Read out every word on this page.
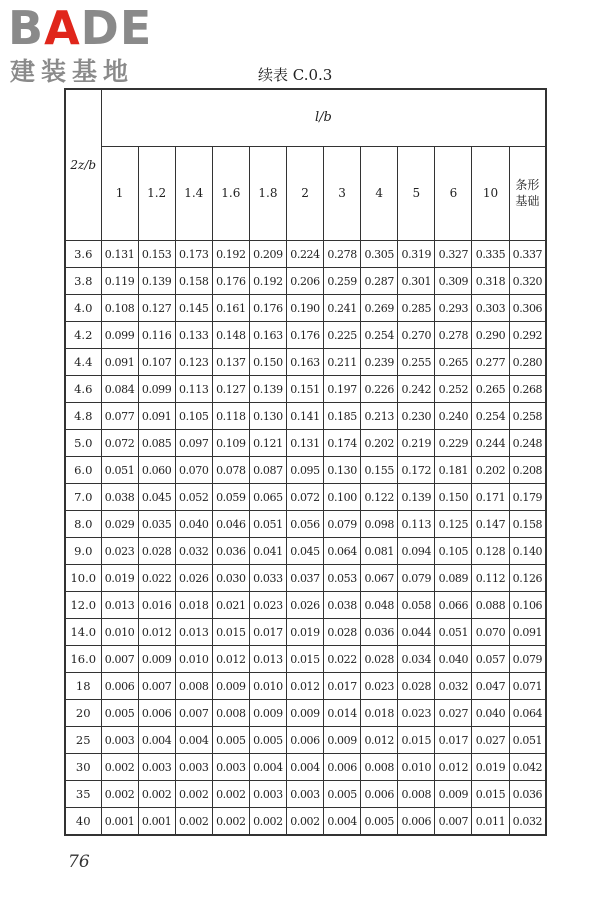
BADE
建装基地	续表 C.0.3
2z/b	l/b											
	1	1.2	1.4	1.6	1.8	2	3	4	5	6	10	条形基础
3.6	0.131	0.153	0.173	0.192	0.209	0.224	0.278	0.305	0.319	0.327	0.335	0.337
3.8	0.119	0.139	0.158	0.176	0.192	0.206	0.259	0.287	0.301	0.309	0.318	0.320
4.0	0.108	0.127	0.145	0.161	0.176	0.190	0.241	0.269	0.285	0.293	0.303	0.306
4.2	0.099	0.116	0.133	0.148	0.163	0.176	0.225	0.254	0.270	0.278	0.290	0.292
4.4	0.091	0.107	0.123	0.137	0.150	0.163	0.211	0.239	0.255	0.265	0.277	0.280
4.6	0.084	0.099	0.113	0.127	0.139	0.151	0.197	0.226	0.242	0.252	0.265	0.268
4.8	0.077	0.091	0.105	0.118	0.130	0.141	0.185	0.213	0.230	0.240	0.254	0.258
5.0	0.072	0.085	0.097	0.109	0.121	0.131	0.174	0.202	0.219	0.229	0.244	0.248
6.0	0.051	0.060	0.070	0.078	0.087	0.095	0.130	0.155	0.172	0.181	0.202	0.208
7.0	0.038	0.045	0.052	0.059	0.065	0.072	0.100	0.122	0.139	0.150	0.171	0.179
8.0	0.029	0.035	0.040	0.046	0.051	0.056	0.079	0.098	0.113	0.125	0.147	0.158
9.0	0.023	0.028	0.032	0.036	0.041	0.045	0.064	0.081	0.094	0.105	0.128	0.140
10.0	0.019	0.022	0.026	0.030	0.033	0.037	0.053	0.067	0.079	0.089	0.112	0.126
12.0	0.013	0.016	0.018	0.021	0.023	0.026	0.038	0.048	0.058	0.066	0.088	0.106
14.0	0.010	0.012	0.013	0.015	0.017	0.019	0.028	0.036	0.044	0.051	0.070	0.091
16.0	0.007	0.009	0.010	0.012	0.013	0.015	0.022	0.028	0.034	0.040	0.057	0.079
18	0.006	0.007	0.008	0.009	0.010	0.012	0.017	0.023	0.028	0.032	0.047	0.071
20	0.005	0.006	0.007	0.008	0.009	0.009	0.014	0.018	0.023	0.027	0.040	0.064
25	0.003	0.004	0.004	0.005	0.005	0.006	0.009	0.012	0.015	0.017	0.027	0.051
30	0.002	0.003	0.003	0.003	0.004	0.004	0.006	0.008	0.010	0.012	0.019	0.042
35	0.002	0.002	0.002	0.002	0.003	0.003	0.005	0.006	0.008	0.009	0.015	0.036
40	0.001	0.001	0.002	0.002	0.002	0.002	0.004	0.005	0.006	0.007	0.011	0.032
76
